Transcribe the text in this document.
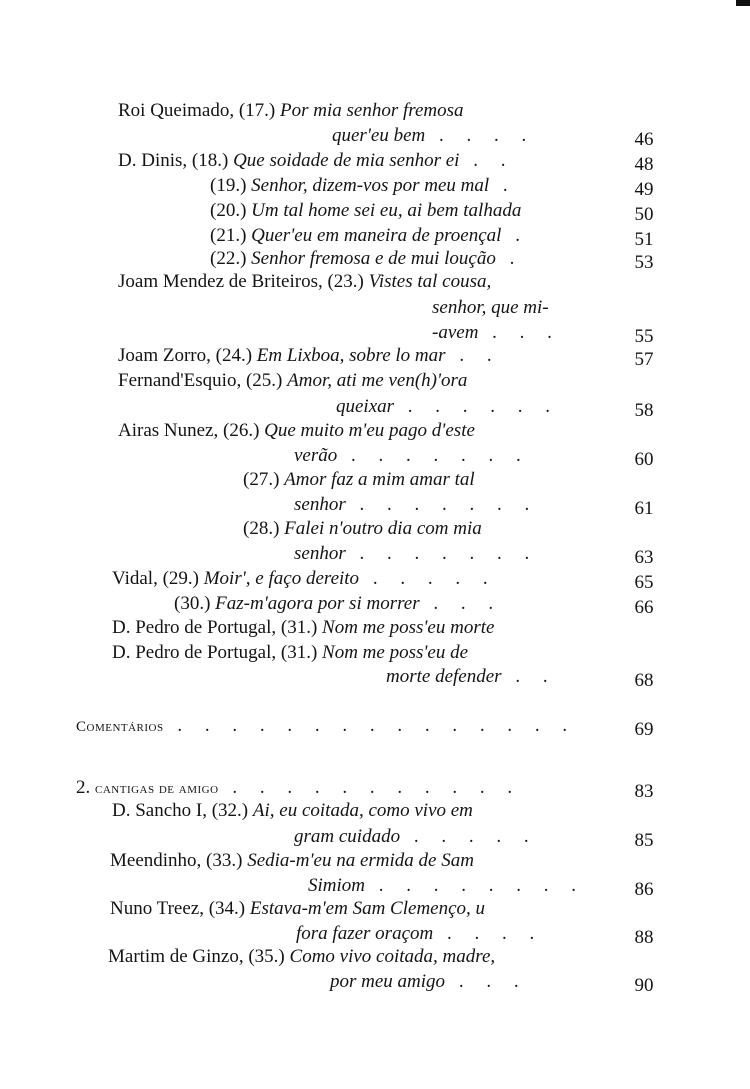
Roi Queimado, (17.) Por mia senhor fremosa
quer'eu bem . . . .	46
D. Dinis, (18.) Que soidade de mia senhor ei . .	48
(19.) Senhor, dizem-vos por meu mal .	49
(20.) Um tal home sei eu, ai bem talhada	50
(21.) Quer'eu em maneira de proençal .	51
(22.) Senhor fremosa e de mui loução .	53
Joam Mendez de Briteiros, (23.) Vistes tal cousa,
senhor, que mi-
-avem . . .	55
Joam Zorro, (24.) Em Lixboa, sobre lo mar . .	57
Fernand'Esquio, (25.) Amor, ati me ven(h)'ora
queixar . . . . . .	58
Airas Nunez, (26.) Que muito m'eu pago d'este
verão . . . . . . .	60
(27.) Amor faz a mim amar tal
senhor . . . . . . .	61
(28.) Falei n'outro dia com mia
senhor . . . . . . .	63
Vidal, (29.) Moir', e faço dereito . . . . .	65
(30.) Faz-m'agora por si morrer . . .	66
D. Pedro de Portugal, (31.) Nom me poss'eu morte
D. Pedro de Portugal, (31.) Nom me poss'eu de
morte defender . .	68
Comentários . . . . . . . . . . . . . . .	69
2. cantigas de amigo . . . . . . . . . . .	83
D. Sancho I, (32.) Ai, eu coitada, como vivo em
gram cuidado . . . . .	85
Meendinho, (33.) Sedia-m'eu na ermida de Sam
Simiom . . . . . . . .	86
Nuno Treez, (34.) Estava-m'em Sam Clemenço, u
fora fazer oraçom . . . .	88
Martim de Ginzo, (35.) Como vivo coitada, madre,
por meu amigo . . .	90
